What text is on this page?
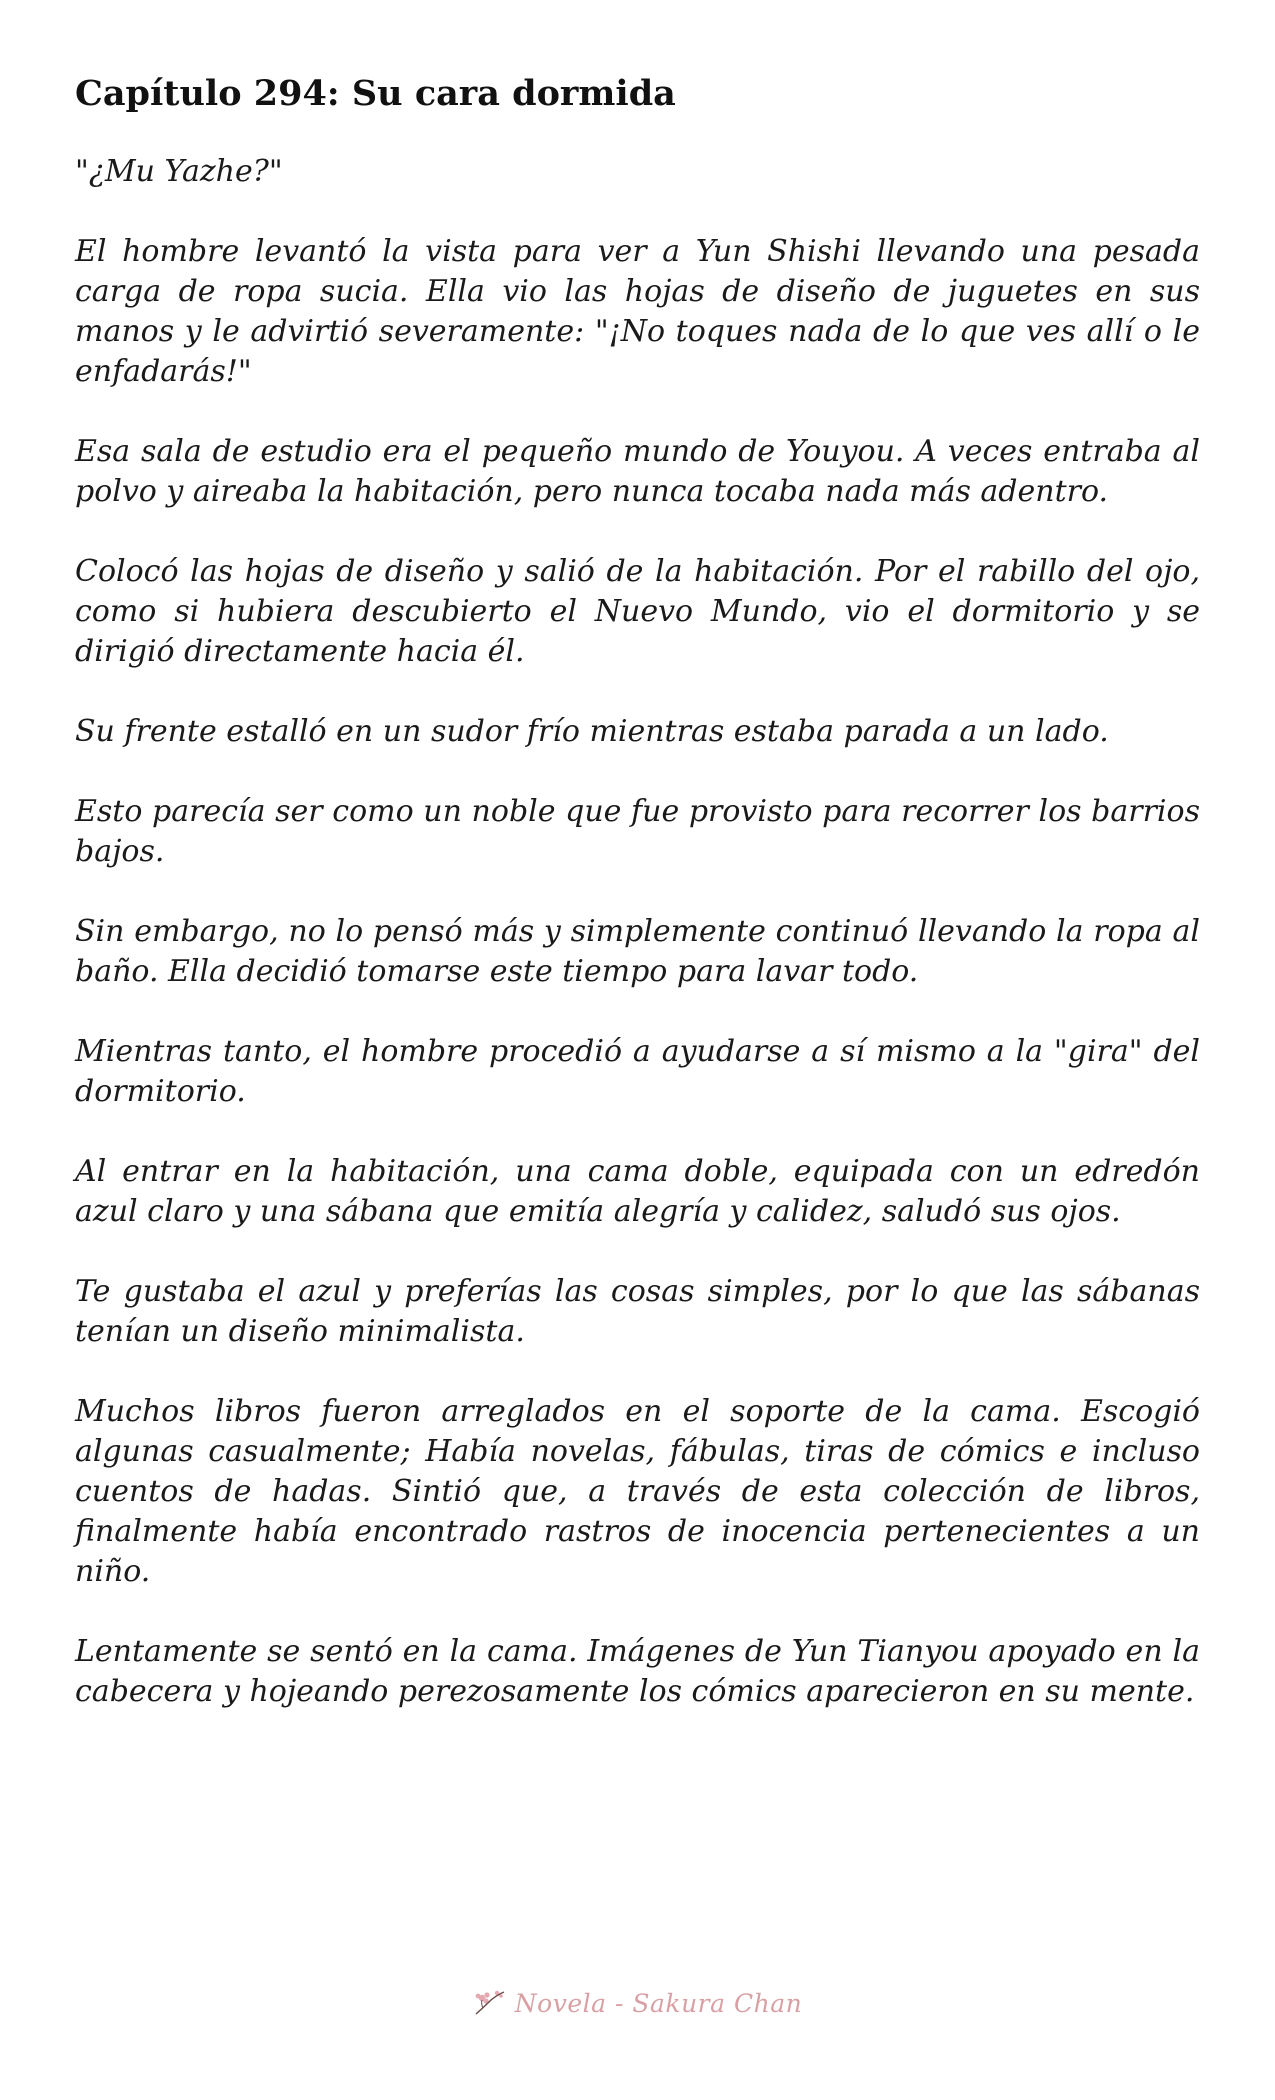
Capítulo 294: Su cara dormida

"¿Mu Yazhe?"

El hombre levantó la vista para ver a Yun Shishi llevando una pesada carga de ropa sucia. Ella vio las hojas de diseño de juguetes en sus manos y le advirtió severamente: "¡No toques nada de lo que ves allí o le enfadarás!"

Esa sala de estudio era el pequeño mundo de Youyou. A veces entraba al polvo y aireaba la habitación, pero nunca tocaba nada más adentro.

Colocó las hojas de diseño y salió de la habitación. Por el rabillo del ojo, como si hubiera descubierto el Nuevo Mundo, vio el dormitorio y se dirigió directamente hacia él.

Su frente estalló en un sudor frío mientras estaba parada a un lado.

Esto parecía ser como un noble que fue provisto para recorrer los barrios bajos.

Sin embargo, no lo pensó más y simplemente continuó llevando la ropa al baño. Ella decidió tomarse este tiempo para lavar todo.

Mientras tanto, el hombre procedió a ayudarse a sí mismo a la "gira" del dormitorio.

Al entrar en la habitación, una cama doble, equipada con un edredón azul claro y una sábana que emitía alegría y calidez, saludó sus ojos.

Te gustaba el azul y preferías las cosas simples, por lo que las sábanas tenían un diseño minimalista.

Muchos libros fueron arreglados en el soporte de la cama. Escogió algunas casualmente; Había novelas, fábulas, tiras de cómics e incluso cuentos de hadas. Sintió que, a través de esta colección de libros, finalmente había encontrado rastros de inocencia pertenecientes a un niño.

Lentamente se sentó en la cama. Imágenes de Yun Tianyou apoyado en la cabecera y hojeando perezosamente los cómics aparecieron en su mente.

Novela - Sakura Chan
